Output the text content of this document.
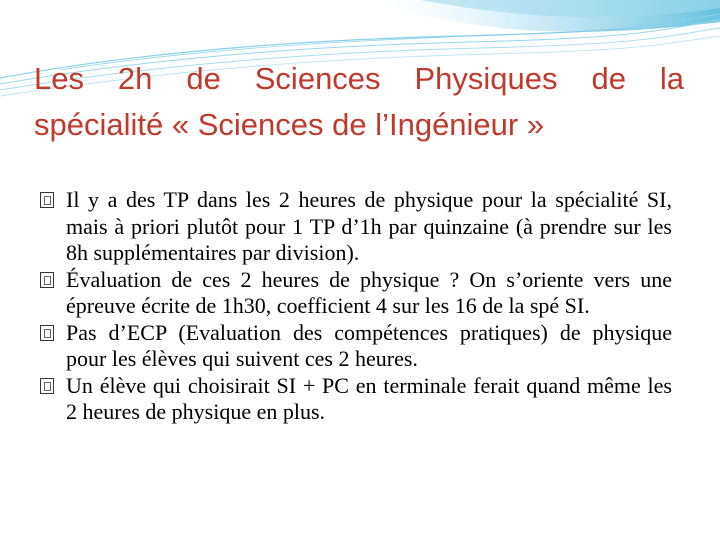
Les 2h de Sciences Physiques de la
spécialité « Sciences de l’Ingénieur »
Il y a des TP dans les 2 heures de physique pour la spécialité SI, mais à priori plutôt pour 1 TP d’1h par quinzaine (à prendre sur les 8h supplémentaires par division).
Évaluation de ces 2 heures de physique ? On s’oriente vers une épreuve écrite de 1h30, coefficient 4 sur les 16 de la spé SI.
Pas d’ECP (Evaluation des compétences pratiques) de physique pour les élèves qui suivent ces 2 heures.
Un élève qui choisirait SI + PC en terminale ferait quand même les 2 heures de physique en plus.
